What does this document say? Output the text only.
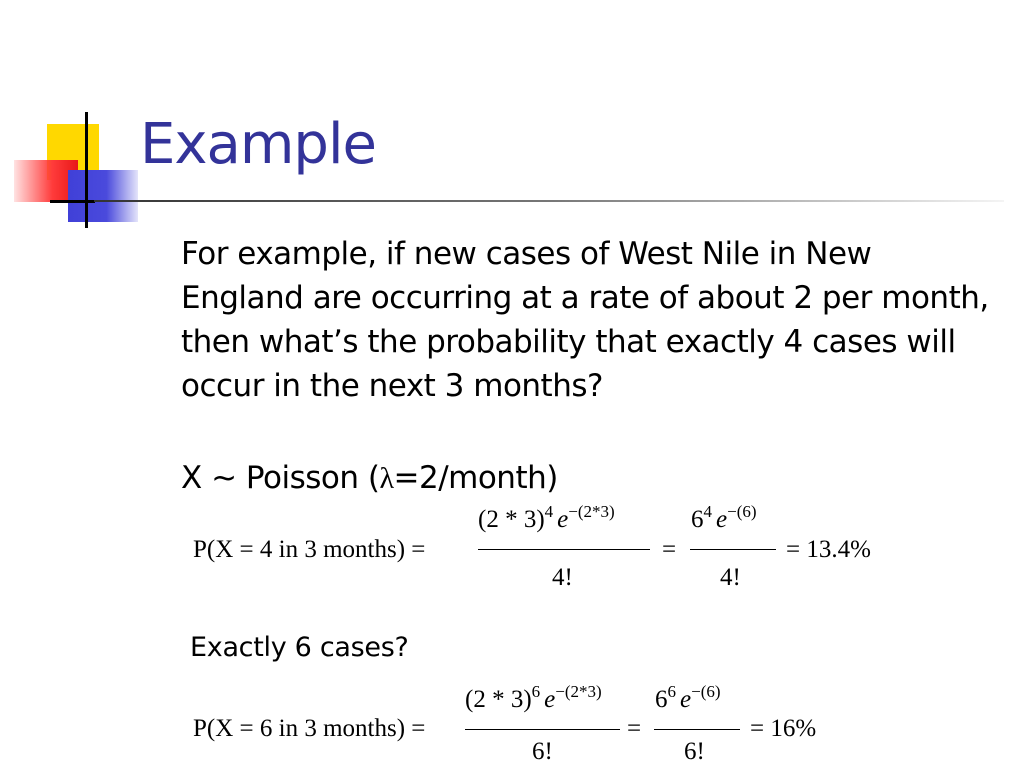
Example

For example, if new cases of West Nile in New England are occurring at a rate of about 2 per month, then what’s the probability that exactly 4 cases will occur in the next 3 months?

X ~ Poisson (λ=2/month)

P(X = 4 in 3 months) =
(2 * 3)$^4$ $e^{-(2*3)}$
4!
=
$6^4$ $e^{-(6)}$
4!
= 13.4%

Exactly 6 cases?

P(X = 6 in 3 months) =
(2 * 3)$^6$ $e^{-(2*3)}$
6!
=
$6^6$ $e^{-(6)}$
6!
= 16%
